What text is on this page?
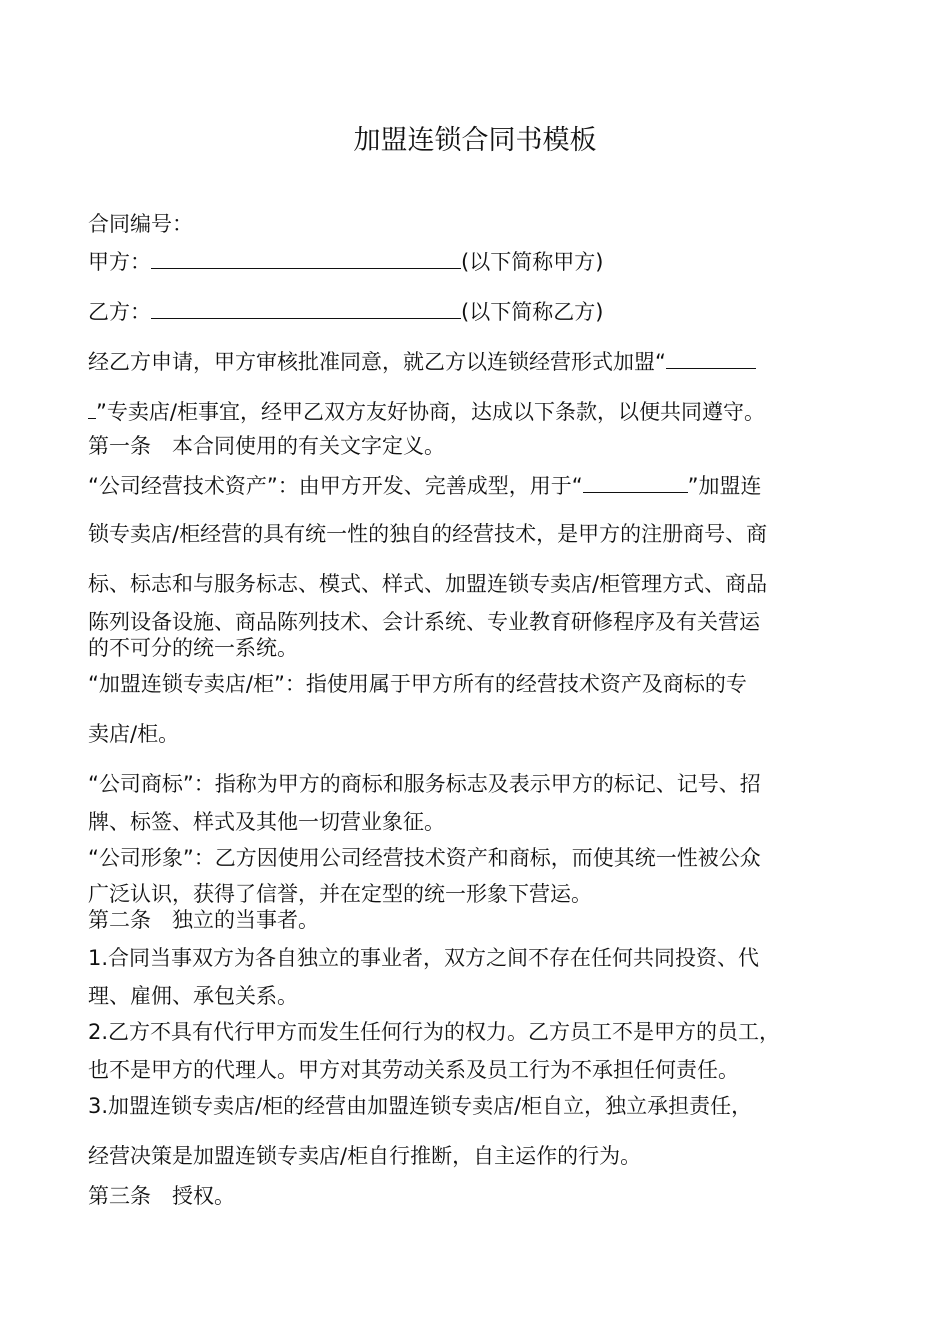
加盟连锁合同书模板
合同编号：
甲方：	(以下简称甲方)
乙方：	(以下简称乙方)
经乙方申请，甲方审核批准同意，就乙方以连锁经营形式加盟“
”专卖店/柜事宜，经甲乙双方友好协商，达成以下条款，以便共同遵守。
第一条　本合同使用的有关文字定义。
“公司经营技术资产”：由甲方开发、完善成型，用于“	”加盟连
锁专卖店/柜经营的具有统一性的独自的经营技术，是甲方的注册商号、商
标、标志和与服务标志、模式、样式、加盟连锁专卖店/柜管理方式、商品
陈列设备设施、商品陈列技术、会计系统、专业教育研修程序及有关营运
的不可分的统一系统。
“加盟连锁专卖店/柜”：指使用属于甲方所有的经营技术资产及商标的专
卖店/柜。
“公司商标”：指称为甲方的商标和服务标志及表示甲方的标记、记号、招
牌、标签、样式及其他一切营业象征。
“公司形象”：乙方因使用公司经营技术资产和商标，而使其统一性被公众
广泛认识，获得了信誉，并在定型的统一形象下营运。
第二条　独立的当事者。
1.合同当事双方为各自独立的事业者，双方之间不存在任何共同投资、代
理、雇佣、承包关系。
2.乙方不具有代行甲方而发生任何行为的权力。乙方员工不是甲方的员工，
也不是甲方的代理人。甲方对其劳动关系及员工行为不承担任何责任。
3.加盟连锁专卖店/柜的经营由加盟连锁专卖店/柜自立，独立承担责任，
经营决策是加盟连锁专卖店/柜自行推断，自主运作的行为。
第三条　授权。
